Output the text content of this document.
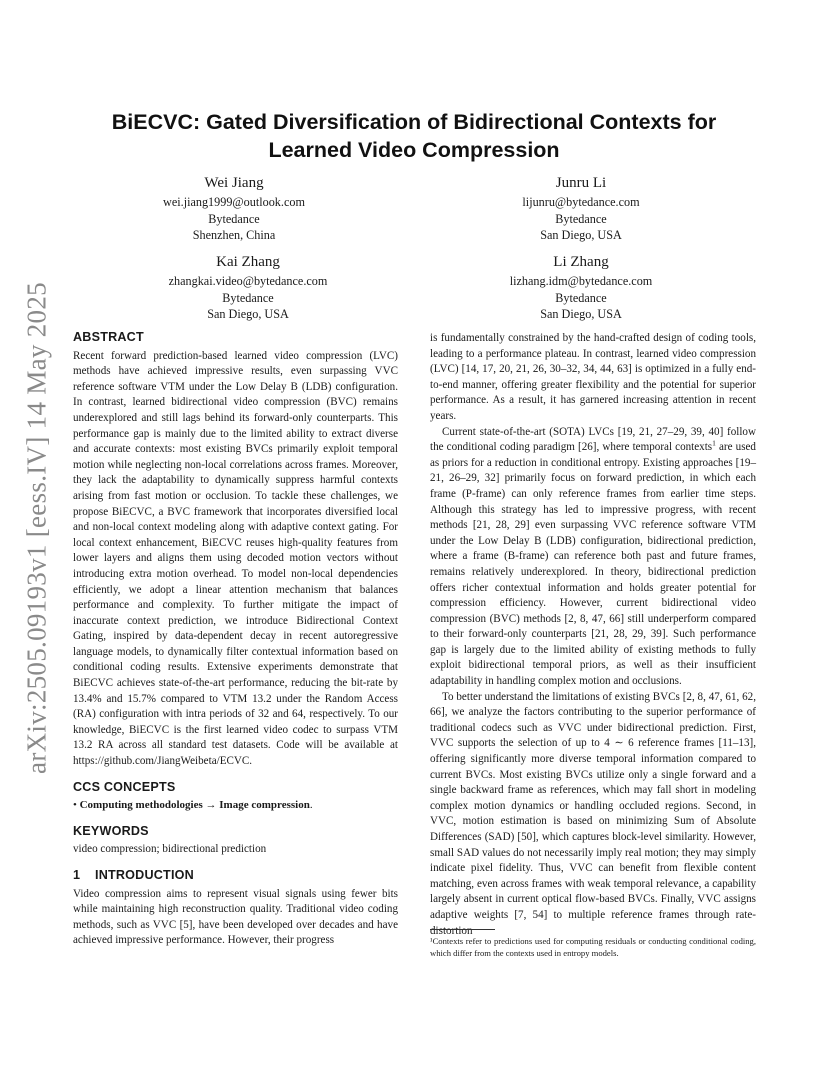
arXiv:2505.09193v1 [eess.IV] 14 May 2025
BiECVC: Gated Diversification of Bidirectional Contexts for
Learned Video Compression
Wei Jiang
wei.jiang1999@outlook.com
Bytedance
Shenzhen, China
Junru Li
lijunru@bytedance.com
Bytedance
San Diego, USA
Kai Zhang
zhangkai.video@bytedance.com
Bytedance
San Diego, USA
Li Zhang
lizhang.idm@bytedance.com
Bytedance
San Diego, USA
ABSTRACT

Recent forward prediction-based learned video compression (LVC) methods have achieved impressive results, even surpassing VVC reference software VTM under the Low Delay B (LDB) configuration. In contrast, learned bidirectional video compression (BVC) remains underexplored and still lags behind its forward-only counterparts. This performance gap is mainly due to the limited ability to extract diverse and accurate contexts: most existing BVCs primarily exploit temporal motion while neglecting non-local correlations across frames. Moreover, they lack the adaptability to dynamically suppress harmful contexts arising from fast motion or occlusion. To tackle these challenges, we propose BiECVC, a BVC framework that incorporates diversified local and non-local context modeling along with adaptive context gating. For local context enhancement, BiECVC reuses high-quality features from lower layers and aligns them using decoded motion vectors without introducing extra motion overhead. To model non-local dependencies efficiently, we adopt a linear attention mechanism that balances performance and complexity. To further mitigate the impact of inaccurate context prediction, we introduce Bidirectional Context Gating, inspired by data-dependent decay in recent autoregressive language models, to dynamically filter contextual information based on conditional coding results. Extensive experiments demonstrate that BiECVC achieves state-of-the-art performance, reducing the bit-rate by 13.4% and 15.7% compared to VTM 13.2 under the Random Access (RA) configuration with intra periods of 32 and 64, respectively. To our knowledge, BiECVC is the first learned video codec to surpass VTM 13.2 RA across all standard test datasets. Code will be available at https://github.com/JiangWeibeta/ECVC.

CCS CONCEPTS

• Computing methodologies → Image compression.

KEYWORDS

video compression; bidirectional prediction

1    INTRODUCTION

Video compression aims to represent visual signals using fewer bits while maintaining high reconstruction quality. Traditional video coding methods, such as VVC [5], have been developed over decades and have achieved impressive performance. However, their progress

is fundamentally constrained by the hand-crafted design of coding tools, leading to a performance plateau. In contrast, learned video compression (LVC) [14, 17, 20, 21, 26, 30–32, 34, 44, 63] is optimized in a fully end-to-end manner, offering greater flexibility and the potential for superior performance. As a result, it has garnered increasing attention in recent years.

Current state-of-the-art (SOTA) LVCs [19, 21, 27–29, 39, 40] follow the conditional coding paradigm [26], where temporal contexts$^1$ are used as priors for a reduction in conditional entropy. Existing approaches [19–21, 26–29, 32] primarily focus on forward prediction, in which each frame (P-frame) can only reference frames from earlier time steps. Although this strategy has led to impressive progress, with recent methods [21, 28, 29] even surpassing VVC reference software VTM under the Low Delay B (LDB) configuration, bidirectional prediction, where a frame (B-frame) can reference both past and future frames, remains relatively underexplored. In theory, bidirectional prediction offers richer contextual information and holds greater potential for compression efficiency. However, current bidirectional video compression (BVC) methods [2, 8, 47, 66] still underperform compared to their forward-only counterparts [21, 28, 29, 39]. Such performance gap is largely due to the limited ability of existing methods to fully exploit bidirectional temporal priors, as well as their insufficient adaptability in handling complex motion and occlusions.

To better understand the limitations of existing BVCs [2, 8, 47, 61, 62, 66], we analyze the factors contributing to the superior performance of traditional codecs such as VVC under bidirectional prediction. First, VVC supports the selection of up to 4 ∼ 6 reference frames [11–13], offering significantly more diverse temporal information compared to current BVCs. Most existing BVCs utilize only a single forward and a single backward frame as references, which may fall short in modeling complex motion dynamics or handling occluded regions. Second, in VVC, motion estimation is based on minimizing Sum of Absolute Differences (SAD) [50], which captures block-level similarity. However, small SAD values do not necessarily imply real motion; they may simply indicate pixel fidelity. Thus, VVC can benefit from flexible content matching, even across frames with weak temporal relevance, a capability largely absent in current optical flow-based BVCs. Finally, VVC assigns adaptive weights [7, 54] to multiple reference frames through rate-distortion

¹Contexts refer to predictions used for computing residuals or conducting conditional coding, which differ from the contexts used in entropy models.
